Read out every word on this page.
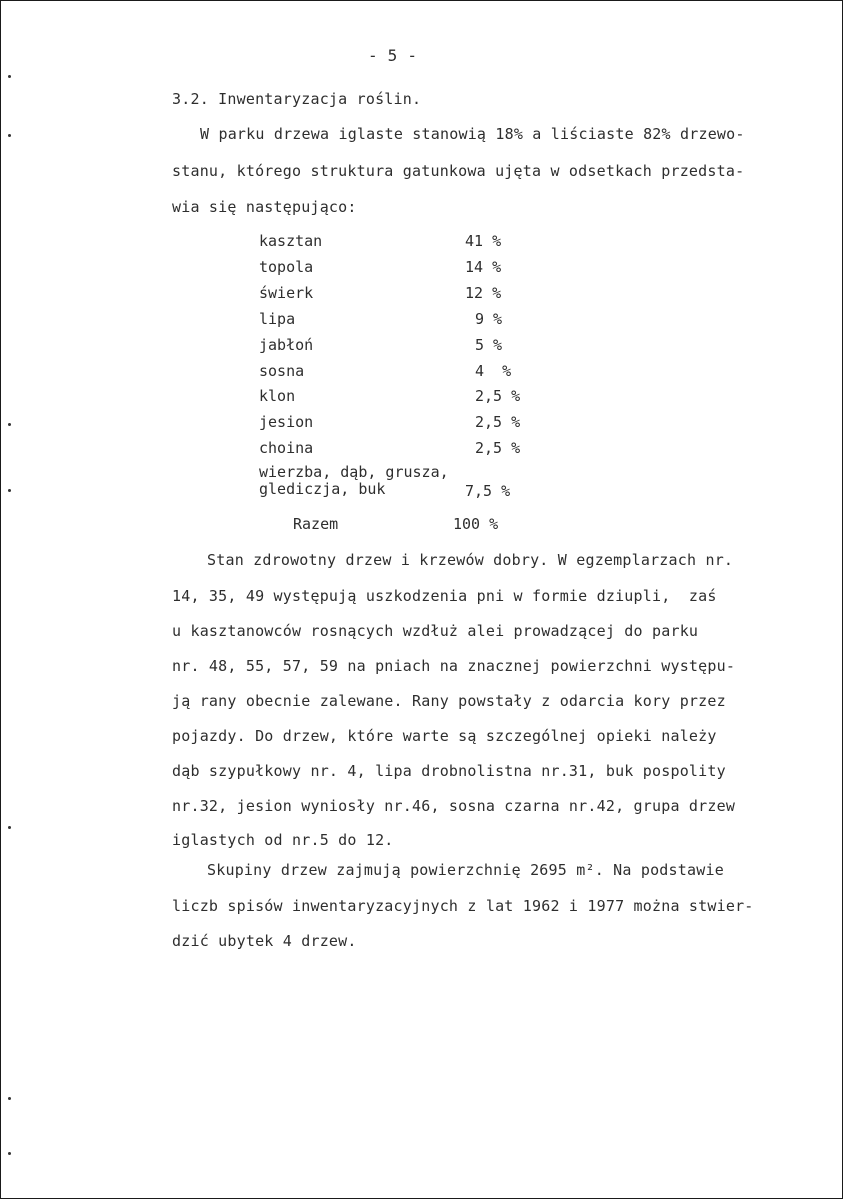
- 5 -
3.2. Inwentaryzacja roślin.
W parku drzewa iglaste stanowią 18% a liściaste 82% drzewo-
stanu, którego struktura gatunkowa ujęta w odsetkach przedsta-
wia się następująco:
kasztan	41 %
topola	14 %
świerk	12 %
lipa	9 %
jabłoń	5 %
sosna	4  %
klon	2,5 %
jesion	2,5 %
choina	2,5 %
wierzba, dąb, grusza,
glediczja, buk	7,5 %
Razem	100 %
Stan zdrowotny drzew i krzewów dobry. W egzemplarzach nr.
14, 35, 49 występują uszkodzenia pni w formie dziupli,  zaś
u kasztanowców rosnących wzdłuż alei prowadzącej do parku
nr. 48, 55, 57, 59 na pniach na znacznej powierzchni występu-
ją rany obecnie zalewane. Rany powstały z odarcia kory przez
pojazdy. Do drzew, które warte są szczególnej opieki należy
dąb szypułkowy nr. 4, lipa drobnolistna nr.31, buk pospolity
nr.32, jesion wyniosły nr.46, sosna czarna nr.42, grupa drzew
iglastych od nr.5 do 12.
Skupiny drzew zajmują powierzchnię 2695 m². Na podstawie
liczb spisów inwentaryzacyjnych z lat 1962 i 1977 można stwier-
dzić ubytek 4 drzew.
